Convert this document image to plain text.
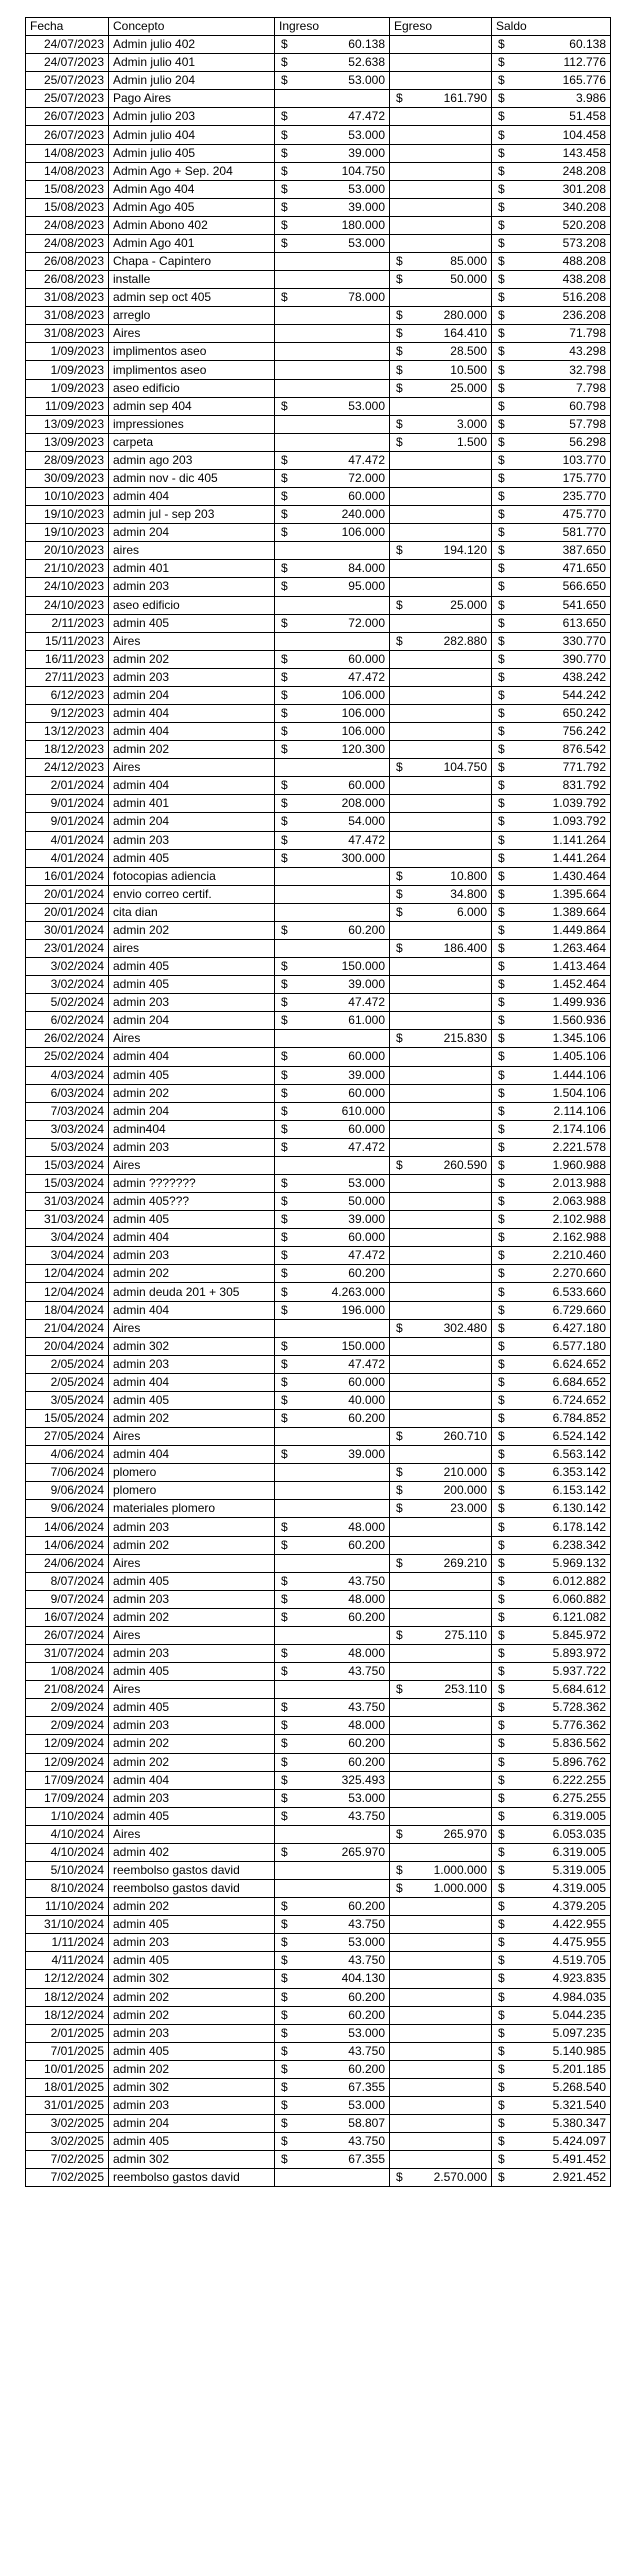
Fecha	Concepto	Ingreso	Egreso	Saldo
24/07/2023	Admin julio 402	$ 60.138		$ 60.138
24/07/2023	Admin julio 401	$ 52.638		$ 112.776
25/07/2023	Admin julio 204	$ 53.000		$ 165.776
25/07/2023	Pago Aires		$ 161.790	$ 3.986
26/07/2023	Admin julio 203	$ 47.472		$ 51.458
26/07/2023	Admin julio 404	$ 53.000		$ 104.458
14/08/2023	Admin julio 405	$ 39.000		$ 143.458
14/08/2023	Admin Ago + Sep. 204	$ 104.750		$ 248.208
15/08/2023	Admin Ago 404	$ 53.000		$ 301.208
15/08/2023	Admin Ago 405	$ 39.000		$ 340.208
24/08/2023	Admin Abono 402	$ 180.000		$ 520.208
24/08/2023	Admin Ago 401	$ 53.000		$ 573.208
26/08/2023	Chapa - Capintero		$ 85.000	$ 488.208
26/08/2023	installe		$ 50.000	$ 438.208
31/08/2023	admin sep oct 405	$ 78.000		$ 516.208
31/08/2023	arreglo		$ 280.000	$ 236.208
31/08/2023	Aires		$ 164.410	$ 71.798
1/09/2023	implimentos aseo		$ 28.500	$ 43.298
1/09/2023	implimentos aseo		$ 10.500	$ 32.798
1/09/2023	aseo edificio		$ 25.000	$ 7.798
11/09/2023	admin sep 404	$ 53.000		$ 60.798
13/09/2023	impressiones		$ 3.000	$ 57.798
13/09/2023	carpeta		$ 1.500	$ 56.298
28/09/2023	admin ago 203	$ 47.472		$ 103.770
30/09/2023	admin nov - dic 405	$ 72.000		$ 175.770
10/10/2023	admin 404	$ 60.000		$ 235.770
19/10/2023	admin jul - sep 203	$ 240.000		$ 475.770
19/10/2023	admin 204	$ 106.000		$ 581.770
20/10/2023	aires		$ 194.120	$ 387.650
21/10/2023	admin 401	$ 84.000		$ 471.650
24/10/2023	admin 203	$ 95.000		$ 566.650
24/10/2023	aseo edificio		$ 25.000	$ 541.650
2/11/2023	admin 405	$ 72.000		$ 613.650
15/11/2023	Aires		$ 282.880	$ 330.770
16/11/2023	admin 202	$ 60.000		$ 390.770
27/11/2023	admin 203	$ 47.472		$ 438.242
6/12/2023	admin 204	$ 106.000		$ 544.242
9/12/2023	admin 404	$ 106.000		$ 650.242
13/12/2023	admin 404	$ 106.000		$ 756.242
18/12/2023	admin 202	$ 120.300		$ 876.542
24/12/2023	Aires		$ 104.750	$ 771.792
2/01/2024	admin 404	$ 60.000		$ 831.792
9/01/2024	admin 401	$ 208.000		$ 1.039.792
9/01/2024	admin 204	$ 54.000		$ 1.093.792
4/01/2024	admin 203	$ 47.472		$ 1.141.264
4/01/2024	admin 405	$ 300.000		$ 1.441.264
16/01/2024	fotocopias adiencia		$ 10.800	$ 1.430.464
20/01/2024	envio correo certif.		$ 34.800	$ 1.395.664
20/01/2024	cita dian		$ 6.000	$ 1.389.664
30/01/2024	admin 202	$ 60.200		$ 1.449.864
23/01/2024	aires		$ 186.400	$ 1.263.464
3/02/2024	admin 405	$ 150.000		$ 1.413.464
3/02/2024	admin 405	$ 39.000		$ 1.452.464
5/02/2024	admin 203	$ 47.472		$ 1.499.936
6/02/2024	admin 204	$ 61.000		$ 1.560.936
26/02/2024	Aires		$ 215.830	$ 1.345.106
25/02/2024	admin 404	$ 60.000		$ 1.405.106
4/03/2024	admin 405	$ 39.000		$ 1.444.106
6/03/2024	admin 202	$ 60.000		$ 1.504.106
7/03/2024	admin 204	$ 610.000		$ 2.114.106
3/03/2024	admin404	$ 60.000		$ 2.174.106
5/03/2024	admin 203	$ 47.472		$ 2.221.578
15/03/2024	Aires		$ 260.590	$ 1.960.988
15/03/2024	admin ???????	$ 53.000		$ 2.013.988
31/03/2024	admin 405???	$ 50.000		$ 2.063.988
31/03/2024	admin 405	$ 39.000		$ 2.102.988
3/04/2024	admin 404	$ 60.000		$ 2.162.988
3/04/2024	admin 203	$ 47.472		$ 2.210.460
12/04/2024	admin 202	$ 60.200		$ 2.270.660
12/04/2024	admin deuda 201 + 305	$ 4.263.000		$ 6.533.660
18/04/2024	admin 404	$ 196.000		$ 6.729.660
21/04/2024	Aires		$ 302.480	$ 6.427.180
20/04/2024	admin 302	$ 150.000		$ 6.577.180
2/05/2024	admin 203	$ 47.472		$ 6.624.652
2/05/2024	admin 404	$ 60.000		$ 6.684.652
3/05/2024	admin 405	$ 40.000		$ 6.724.652
15/05/2024	admin 202	$ 60.200		$ 6.784.852
27/05/2024	Aires		$ 260.710	$ 6.524.142
4/06/2024	admin 404	$ 39.000		$ 6.563.142
7/06/2024	plomero		$ 210.000	$ 6.353.142
9/06/2024	plomero		$ 200.000	$ 6.153.142
9/06/2024	materiales plomero		$ 23.000	$ 6.130.142
14/06/2024	admin 203	$ 48.000		$ 6.178.142
14/06/2024	admin 202	$ 60.200		$ 6.238.342
24/06/2024	Aires		$ 269.210	$ 5.969.132
8/07/2024	admin 405	$ 43.750		$ 6.012.882
9/07/2024	admin 203	$ 48.000		$ 6.060.882
16/07/2024	admin 202	$ 60.200		$ 6.121.082
26/07/2024	Aires		$ 275.110	$ 5.845.972
31/07/2024	admin 203	$ 48.000		$ 5.893.972
1/08/2024	admin 405	$ 43.750		$ 5.937.722
21/08/2024	Aires		$ 253.110	$ 5.684.612
2/09/2024	admin 405	$ 43.750		$ 5.728.362
2/09/2024	admin 203	$ 48.000		$ 5.776.362
12/09/2024	admin 202	$ 60.200		$ 5.836.562
12/09/2024	admin 202	$ 60.200		$ 5.896.762
17/09/2024	admin 404	$ 325.493		$ 6.222.255
17/09/2024	admin 203	$ 53.000		$ 6.275.255
1/10/2024	admin 405	$ 43.750		$ 6.319.005
4/10/2024	Aires		$ 265.970	$ 6.053.035
4/10/2024	admin 402	$ 265.970		$ 6.319.005
5/10/2024	reembolso gastos david		$ 1.000.000	$ 5.319.005
8/10/2024	reembolso gastos david		$ 1.000.000	$ 4.319.005
11/10/2024	admin 202	$ 60.200		$ 4.379.205
31/10/2024	admin 405	$ 43.750		$ 4.422.955
1/11/2024	admin 203	$ 53.000		$ 4.475.955
4/11/2024	admin 405	$ 43.750		$ 4.519.705
12/12/2024	admin 302	$ 404.130		$ 4.923.835
18/12/2024	admin 202	$ 60.200		$ 4.984.035
18/12/2024	admin 202	$ 60.200		$ 5.044.235
2/01/2025	admin 203	$ 53.000		$ 5.097.235
7/01/2025	admin 405	$ 43.750		$ 5.140.985
10/01/2025	admin 202	$ 60.200		$ 5.201.185
18/01/2025	admin 302	$ 67.355		$ 5.268.540
31/01/2025	admin 203	$ 53.000		$ 5.321.540
3/02/2025	admin 204	$ 58.807		$ 5.380.347
3/02/2025	admin 405	$ 43.750		$ 5.424.097
7/02/2025	admin 302	$ 67.355		$ 5.491.452
7/02/2025	reembolso gastos david		$ 2.570.000	$ 2.921.452
